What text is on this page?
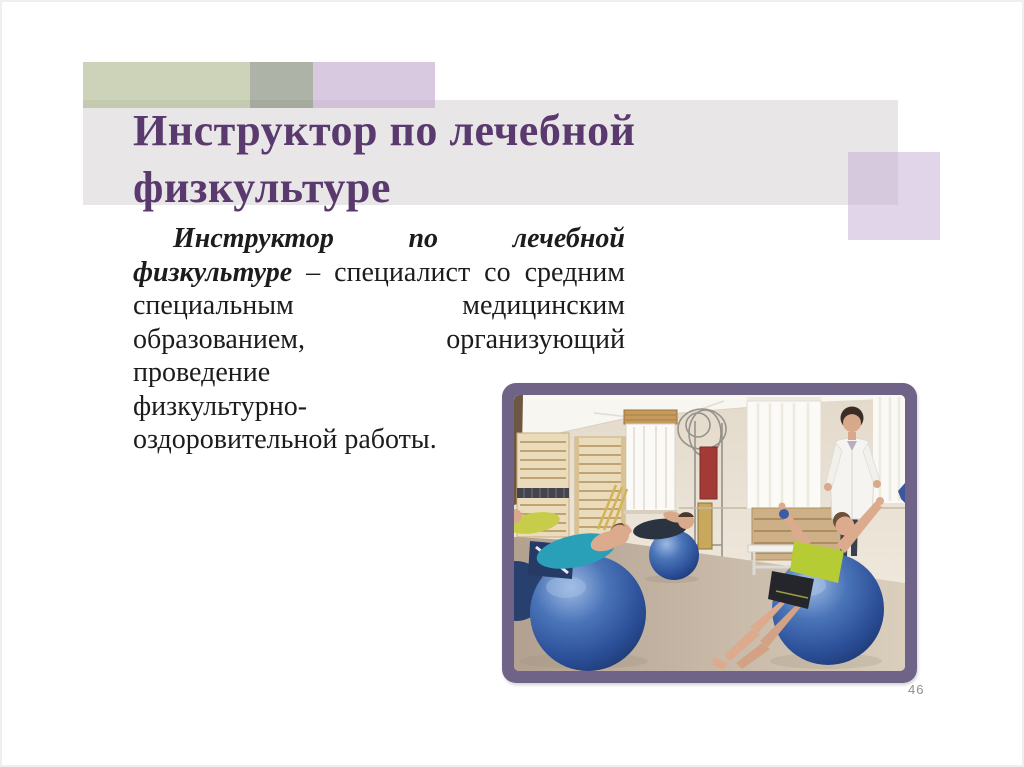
Инструктор по лечебной
физкультуре
Инструктор по лечебной
физкультуре – специалист со средним
специальным медицинским
образованием, организующий
проведение
физкультурно-
оздоровительной работы.
46
